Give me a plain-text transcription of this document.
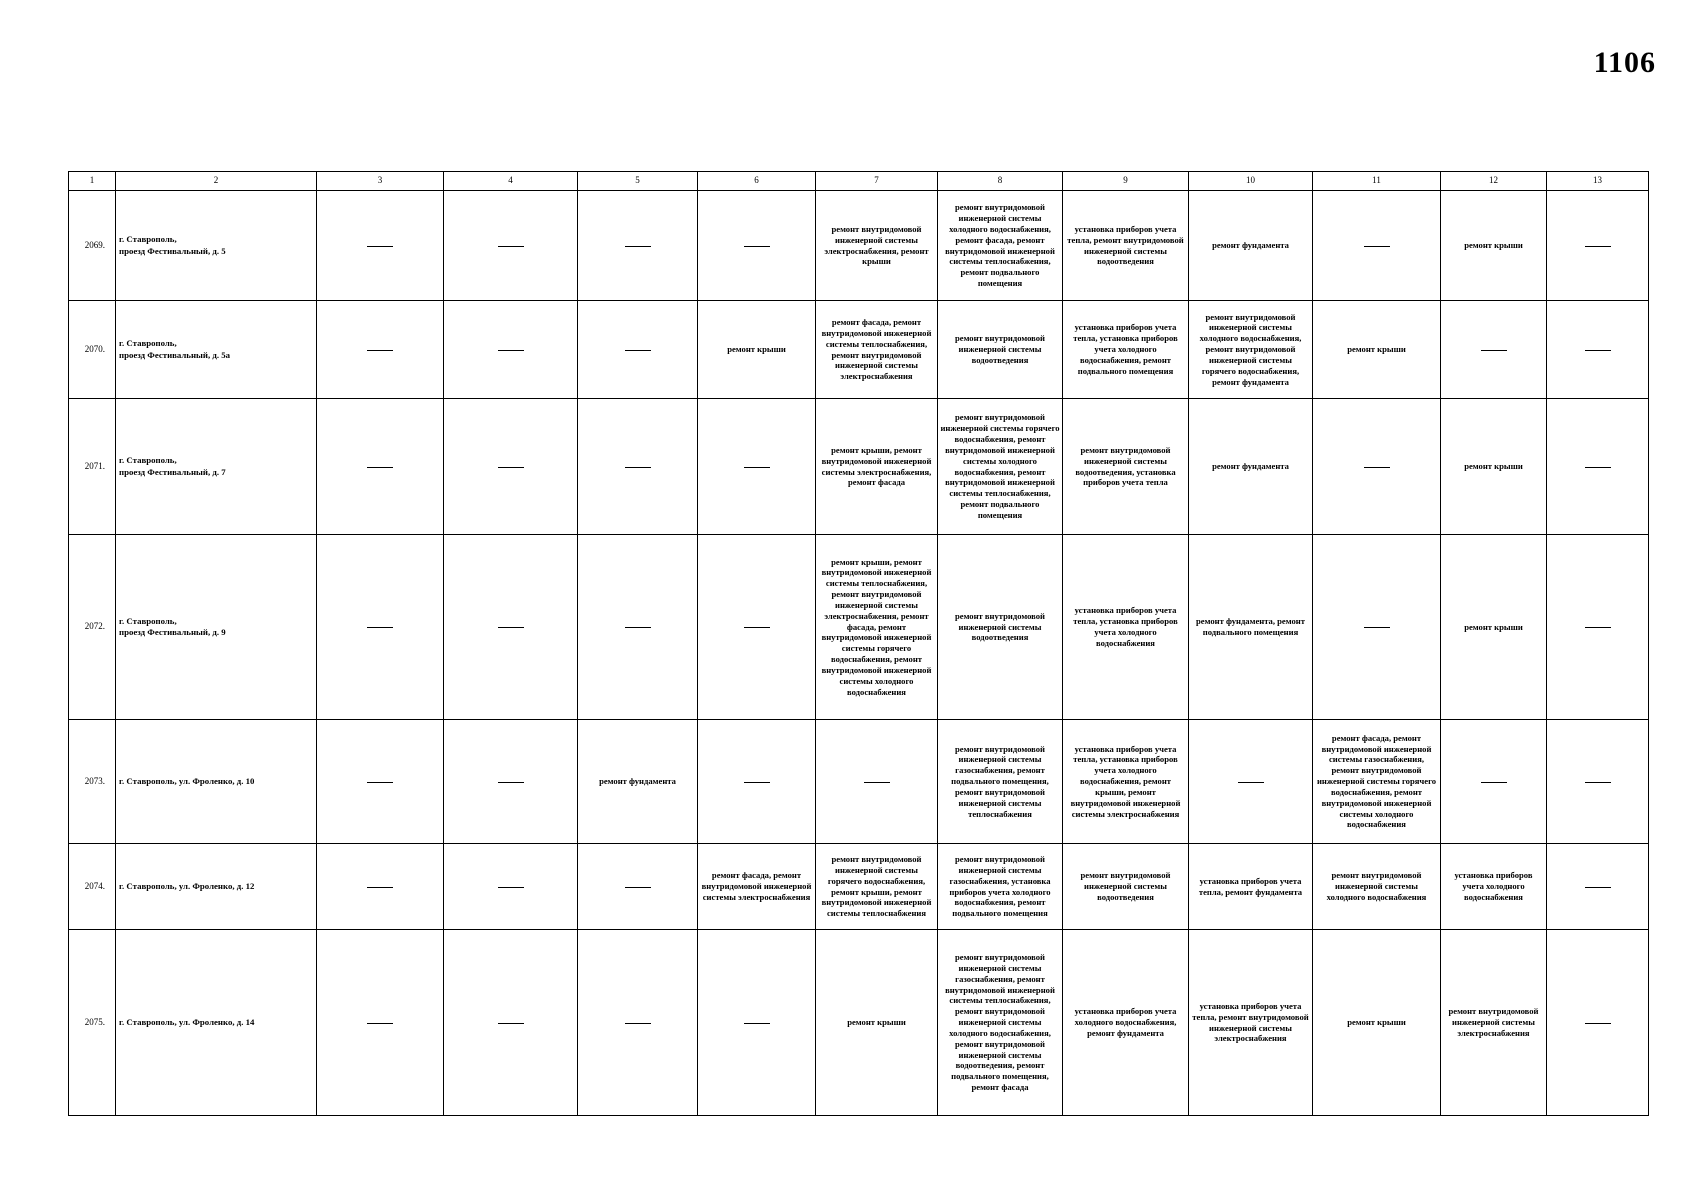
1106
1	2	3	4	5	6	7	8	9	10	11	12	13
2069.	г. Ставрополь,
проезд Фестивальный, д. 5					ремонт внутридомовой инженерной системы электроснабжения, ремонт крыши	ремонт внутридомовой инженерной системы холодного водоснабжения, ремонт фасада, ремонт внутридомовой инженерной системы теплоснабжения, ремонт подвального помещения	установка приборов учета тепла, ремонт внутридомовой инженерной системы водоотведения	ремонт фундамента		ремонт крыши	
2070.	г. Ставрополь,
проезд Фестивальный, д. 5а				ремонт крыши	ремонт фасада, ремонт внутридомовой инженерной системы теплоснабжения, ремонт внутридомовой инженерной системы электроснабжения	ремонт внутридомовой инженерной системы водоотведения	установка приборов учета тепла, установка приборов учета холодного водоснабжения, ремонт подвального помещения	ремонт внутридомовой инженерной системы холодного водоснабжения, ремонт внутридомовой инженерной системы горячего водоснабжения, ремонт фундамента	ремонт крыши		
2071.	г. Ставрополь,
проезд Фестивальный, д. 7					ремонт крыши, ремонт внутридомовой инженерной системы электроснабжения, ремонт фасада	ремонт внутридомовой инженерной системы горячего водоснабжения, ремонт внутридомовой инженерной системы холодного водоснабжения, ремонт внутридомовой инженерной системы теплоснабжения, ремонт подвального помещения	ремонт внутридомовой инженерной системы водоотведения, установка приборов учета тепла	ремонт фундамента		ремонт крыши	
2072.	г. Ставрополь,
проезд Фестивальный, д. 9					ремонт крыши, ремонт внутридомовой инженерной системы теплоснабжения, ремонт внутридомовой инженерной системы электроснабжения, ремонт фасада, ремонт внутридомовой инженерной системы горячего водоснабжения, ремонт внутридомовой инженерной системы холодного водоснабжения	ремонт внутридомовой инженерной системы водоотведения	установка приборов учета тепла, установка приборов учета холодного водоснабжения	ремонт фундамента, ремонт подвального помещения		ремонт крыши	
2073.	г. Ставрополь, ул. Фроленко, д. 10			ремонт фундамента			ремонт внутридомовой инженерной системы газоснабжения, ремонт подвального помещения, ремонт внутридомовой инженерной системы теплоснабжения	установка приборов учета тепла, установка приборов учета холодного водоснабжения, ремонт крыши, ремонт внутридомовой инженерной системы электроснабжения		ремонт фасада, ремонт внутридомовой инженерной системы газоснабжения, ремонт внутридомовой инженерной системы горячего водоснабжения, ремонт внутридомовой инженерной системы холодного водоснабжения		
2074.	г. Ставрополь, ул. Фроленко, д. 12				ремонт фасада, ремонт внутридомовой инженерной системы электроснабжения	ремонт внутридомовой инженерной системы горячего водоснабжения, ремонт крыши, ремонт внутридомовой инженерной системы теплоснабжения	ремонт внутридомовой инженерной системы газоснабжения, установка приборов учета холодного водоснабжения, ремонт подвального помещения	ремонт внутридомовой инженерной системы водоотведения	установка приборов учета тепла, ремонт фундамента	ремонт внутридомовой инженерной системы холодного водоснабжения	установка приборов учета холодного водоснабжения	
2075.	г. Ставрополь, ул. Фроленко, д. 14					ремонт крыши	ремонт внутридомовой инженерной системы газоснабжения, ремонт внутридомовой инженерной системы теплоснабжения, ремонт внутридомовой инженерной системы холодного водоснабжения, ремонт внутридомовой инженерной системы водоотведения, ремонт подвального помещения, ремонт фасада	установка приборов учета холодного водоснабжения, ремонт фундамента	установка приборов учета тепла, ремонт внутридомовой инженерной системы электроснабжения	ремонт крыши	ремонт внутридомовой инженерной системы электроснабжения	
